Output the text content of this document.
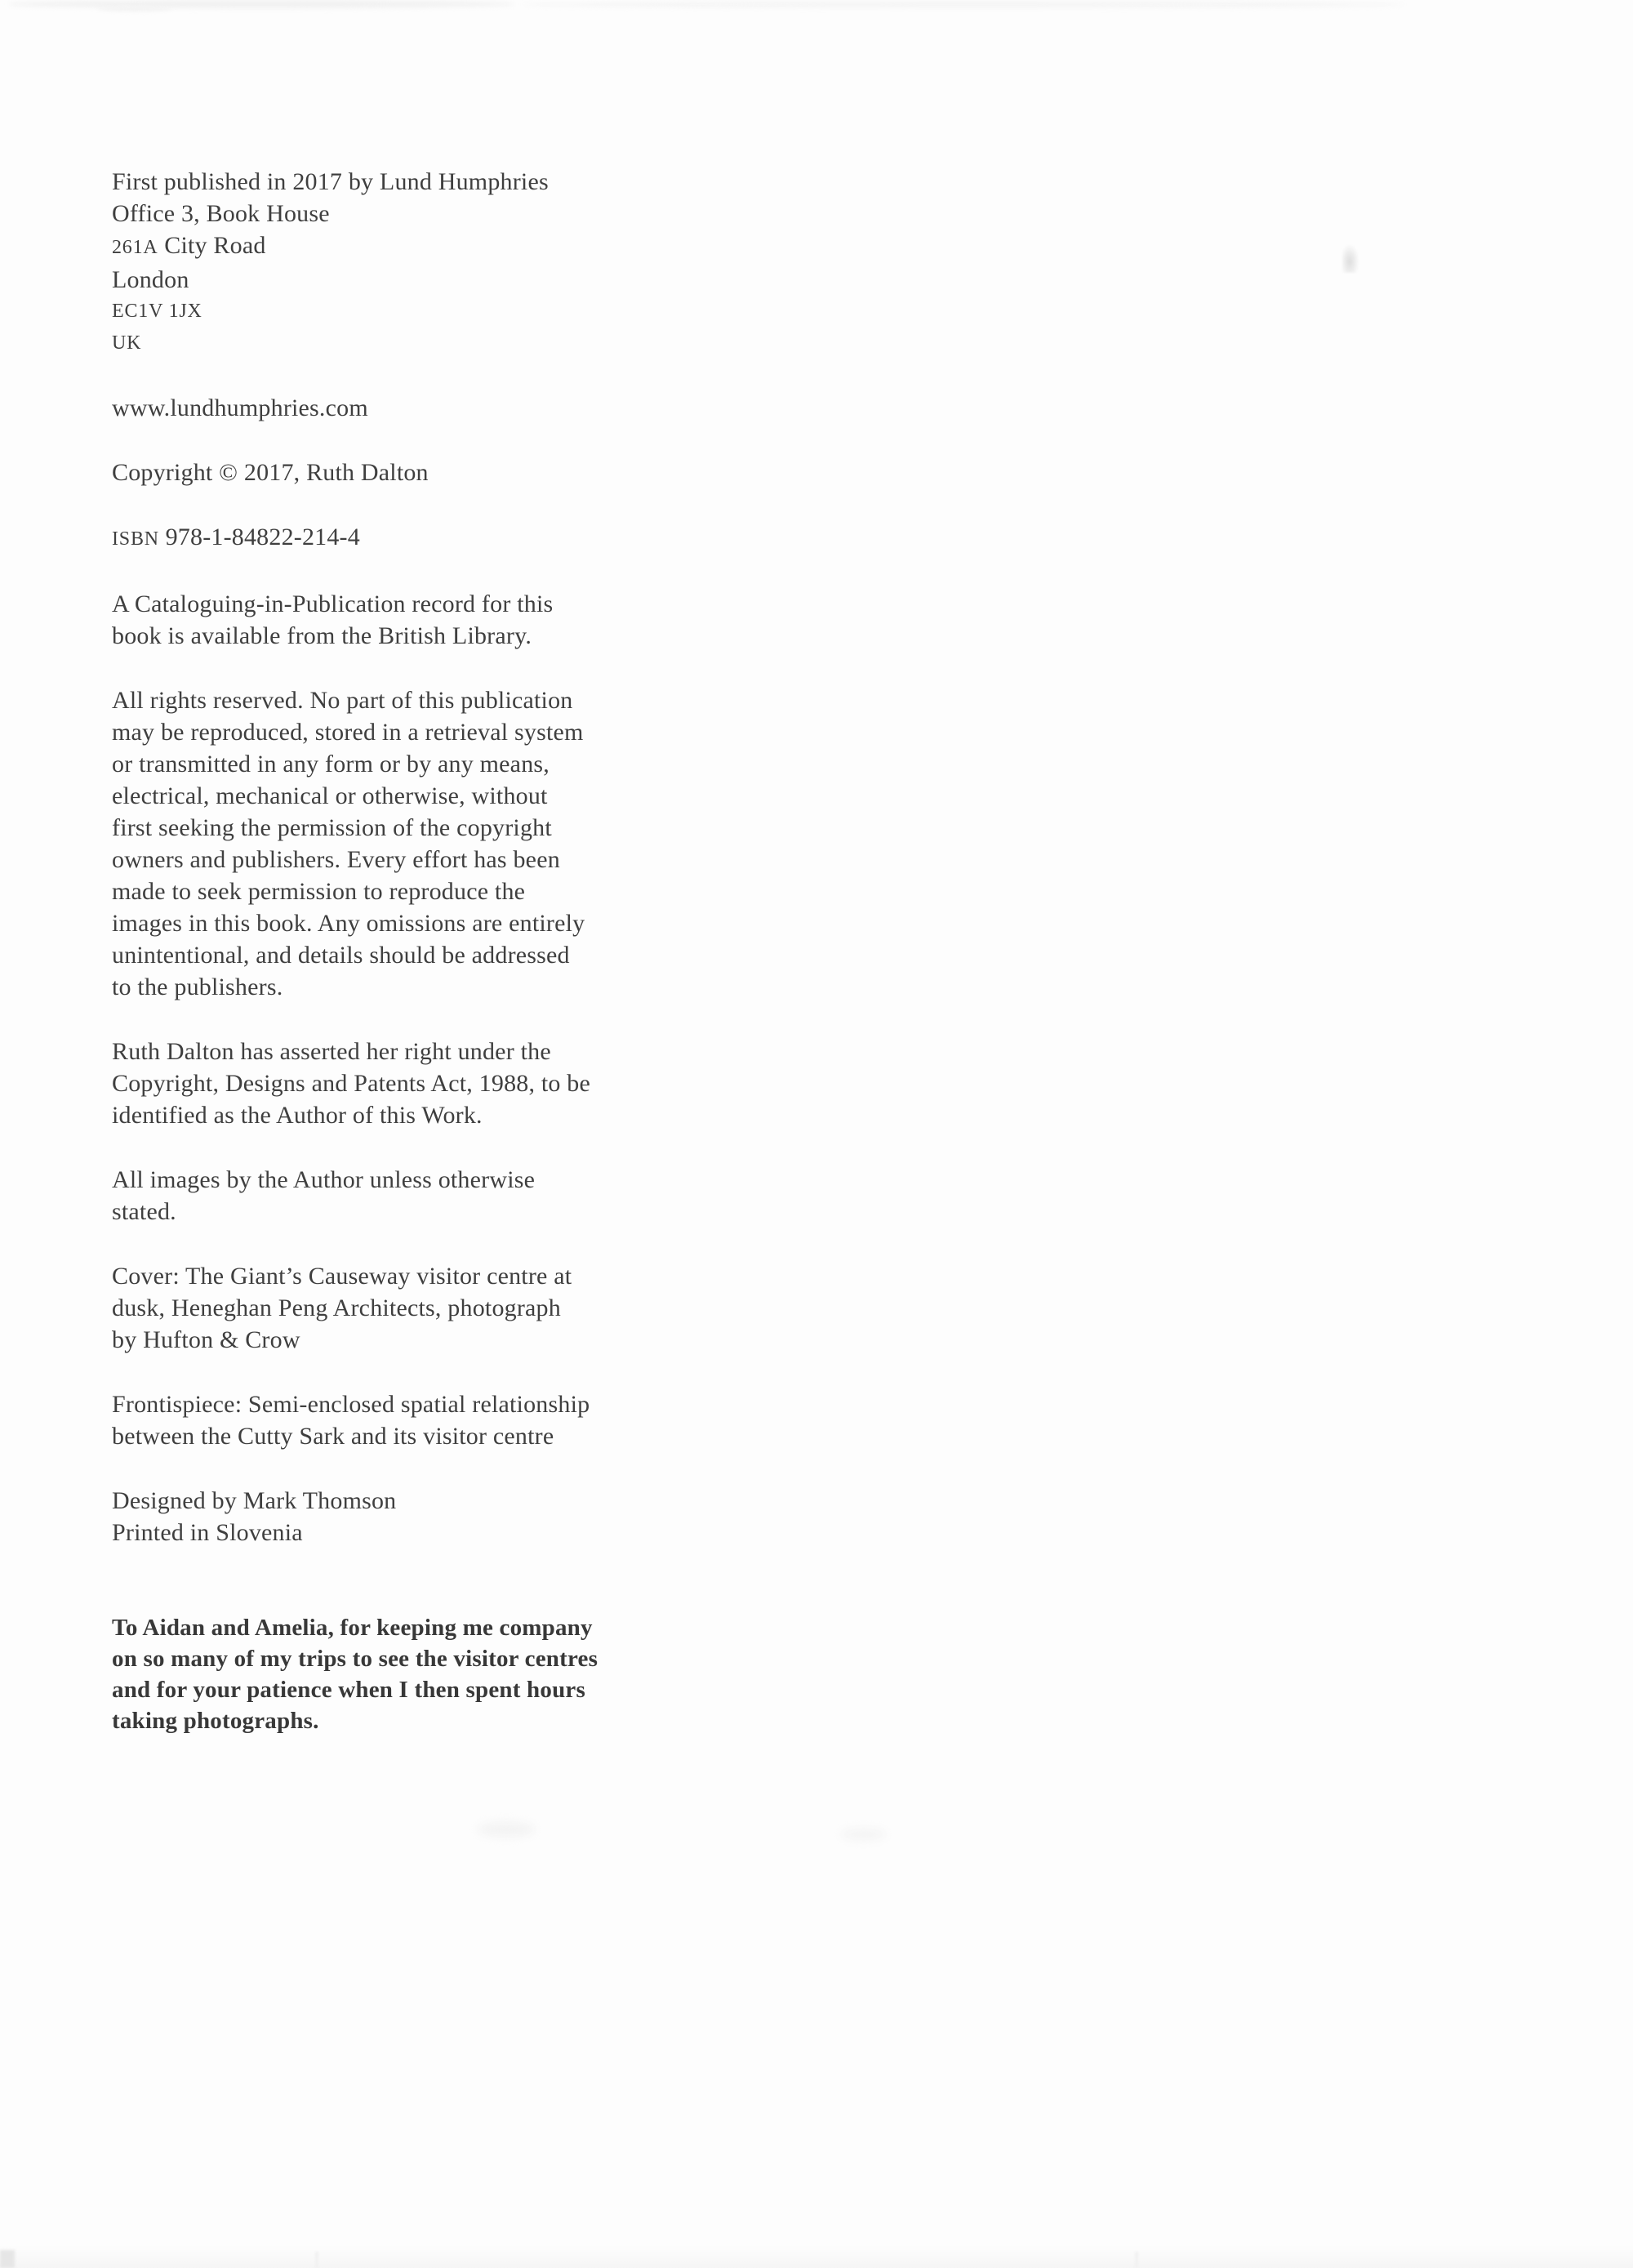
First published in 2017 by Lund Humphries
Office 3, Book House
261A City Road
London
EC1V 1JX
UK

www.lundhumphries.com

Copyright © 2017, Ruth Dalton

ISBN 978-1-84822-214-4

A Cataloguing-in-Publication record for this
book is available from the British Library.

All rights reserved. No part of this publication
may be reproduced, stored in a retrieval system
or transmitted in any form or by any means,
electrical, mechanical or otherwise, without
first seeking the permission of the copyright
owners and publishers. Every effort has been
made to seek permission to reproduce the
images in this book. Any omissions are entirely
unintentional, and details should be addressed
to the publishers.

Ruth Dalton has asserted her right under the
Copyright, Designs and Patents Act, 1988, to be
identified as the Author of this Work.

All images by the Author unless otherwise
stated.

Cover: The Giant’s Causeway visitor centre at
dusk, Heneghan Peng Architects, photograph
by Hufton & Crow

Frontispiece: Semi-enclosed spatial relationship
between the Cutty Sark and its visitor centre

Designed by Mark Thomson
Printed in Slovenia

To Aidan and Amelia, for keeping me company
on so many of my trips to see the visitor centres
and for your patience when I then spent hours
taking photographs.
